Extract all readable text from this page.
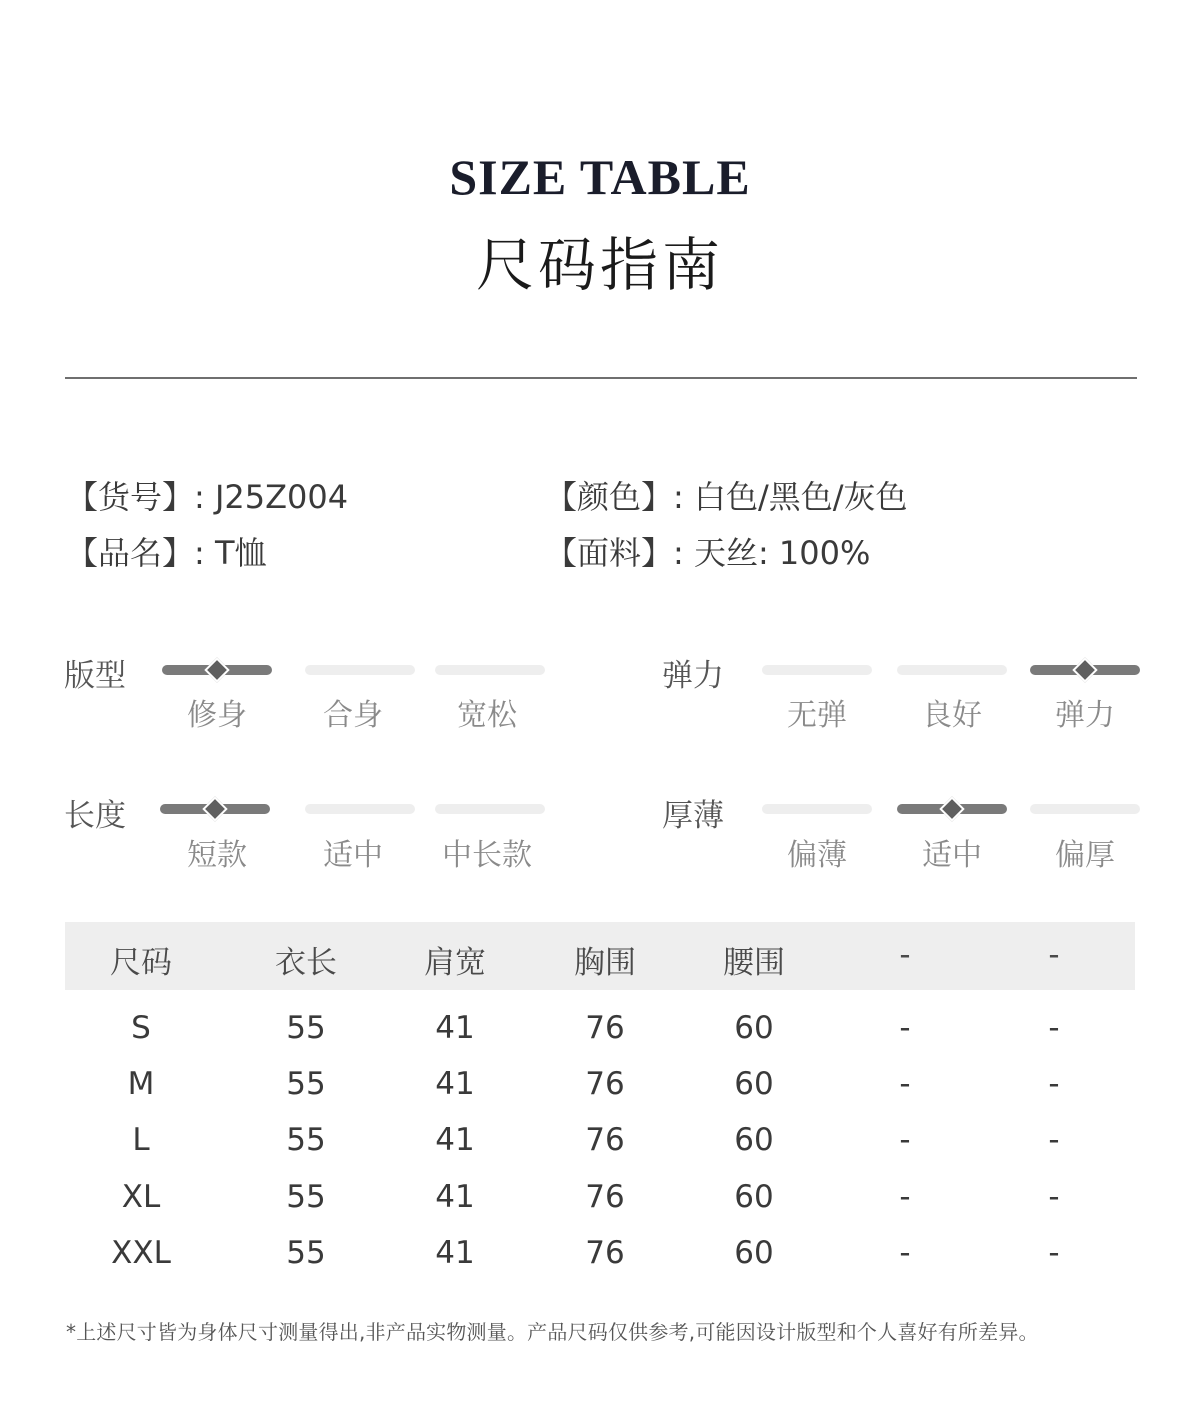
SIZE TABLE
尺码指南
【货号】: J25Z004	【颜色】: 白色/黑色/灰色
【品名】: T恤	【面料】: 天丝: 100%
版型
修身	合身	宽松
弹力
无弹	良好	弹力
长度
短款	适中	中长款
厚薄
偏薄	适中	偏厚
尺码	衣长	肩宽	胸围	腰围	-	-
S	55	41	76	60	-	-
M	55	41	76	60	-	-
L	55	41	76	60	-	-
XL	55	41	76	60	-	-
XXL	55	41	76	60	-	-
*上述尺寸皆为身体尺寸测量得出,非产品实物测量。产品尺码仅供参考,可能因设计版型和个人喜好有所差异。
